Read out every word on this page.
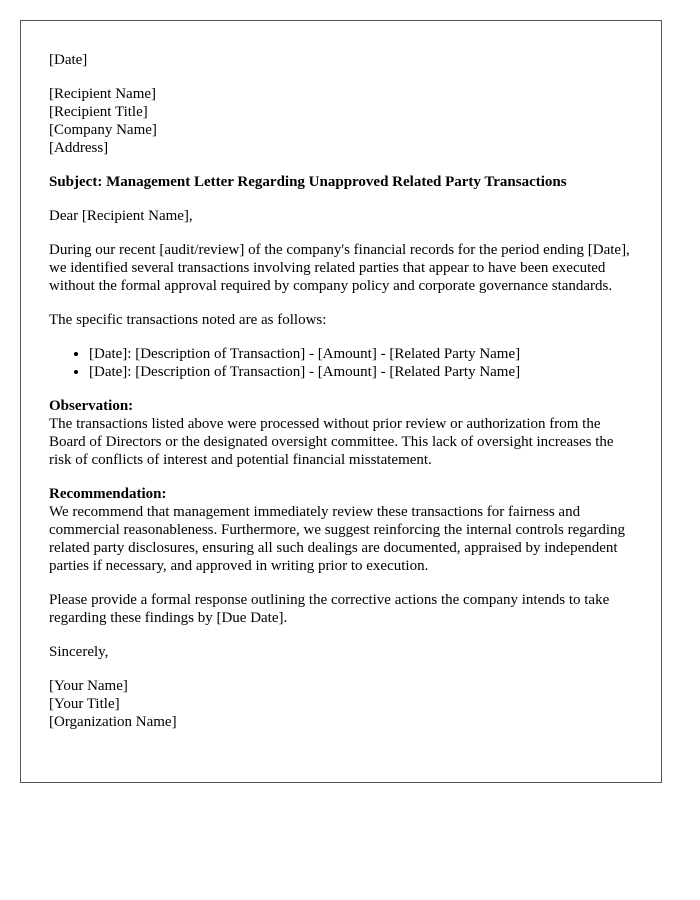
[Date]

[Recipient Name]
[Recipient Title]
[Company Name]
[Address]

Subject: Management Letter Regarding Unapproved Related Party Transactions

Dear [Recipient Name],

During our recent [audit/review] of the company's financial records for the period ending [Date], we identified several transactions involving related parties that appear to have been executed without the formal approval required by company policy and corporate governance standards.

The specific transactions noted are as follows:

• [Date]: [Description of Transaction] - [Amount] - [Related Party Name]
• [Date]: [Description of Transaction] - [Amount] - [Related Party Name]
Observation:
The transactions listed above were processed without prior review or authorization from the Board of Directors or the designated oversight committee. This lack of oversight increases the risk of conflicts of interest and potential financial misstatement.
Recommendation:
We recommend that management immediately review these transactions for fairness and commercial reasonableness. Furthermore, we suggest reinforcing the internal controls regarding related party disclosures, ensuring all such dealings are documented, appraised by independent parties if necessary, and approved in writing prior to execution.

Please provide a formal response outlining the corrective actions the company intends to take regarding these findings by [Due Date].

Sincerely,

[Your Name]
[Your Title]
[Organization Name]
